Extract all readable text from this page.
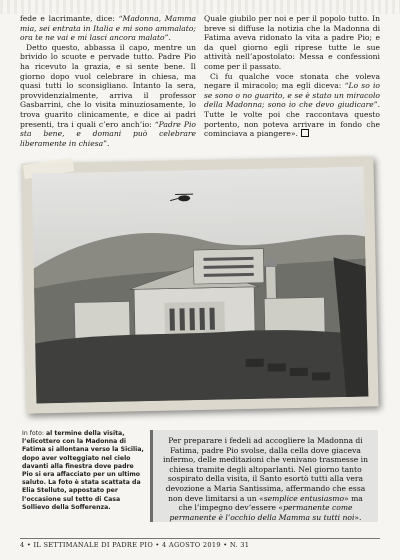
fede e lacrimante, dice: “Madonna, Mamma mia, sei entrata in Italia e mi sono ammalato; ora te ne vai e mi lasci ancora malato”.

Detto questo, abbassa il capo, mentre un brivido lo scuote e pervade tutto. Padre Pio ha ricevuto la grazia, e si sente bene. Il giorno dopo vuol celebrare in chiesa, ma quasi tutti lo sconsigliano. Intanto la sera, provvidenzialmente, arriva il professor Gasbarrini, che lo visita minuziosamente, lo trova guarito clinicamente, e dice ai padri presenti, tra i quali c’ero anch’io: “Padre Pio sta bene, e domani può celebrare liberamente in chiesa”.

Quale giubilo per noi e per il popolo tutto. In breve si diffuse la notizia che la Madonna di Fatima aveva ridonato la vita a padre Pio; e da quel giorno egli riprese tutte le sue attività nell’apostolato: Messa e confessioni come per il passato.

Ci fu qualche voce stonata che voleva negare il miracolo; ma egli diceva: “Lo so io se sono o no guarito, e se è stato un miracolo della Madonna; sono io che devo giudicare”. Tutte le volte poi che raccontava questo portento, non poteva arrivare in fondo che cominciava a piangere».

In foto: al termine della visita, l’elicottero con la Madonna di Fatima si allontana verso la Sicilia, dopo aver volteggiato nel cielo davanti alla finestra dove padre Pio si era affacciato per un ultimo saluto. La foto è stata scattata da Elia Stelluto, appostato per l’occasione sul tetto di Casa Sollievo della Sofferenza.
Per preparare i fedeli ad accogliere la Madonna di Fatima, padre Pio svolse, dalla cella dove giaceva infermo, delle meditazioni che venivano trasmesse in chiesa tramite degli altoparlanti. Nel giorno tanto sospirato della visita, il Santo esortò tutti alla vera devozione a Maria Santissima, affermando che essa non deve limitarsi a un «semplice entusiasmo» ma che l’impegno dev’essere «permanente come permanente è l’occhio della Mamma su tutti noi».
4 • IL SETTIMANALE DI PADRE PIO • 4 AGOSTO 2019 • N. 31
